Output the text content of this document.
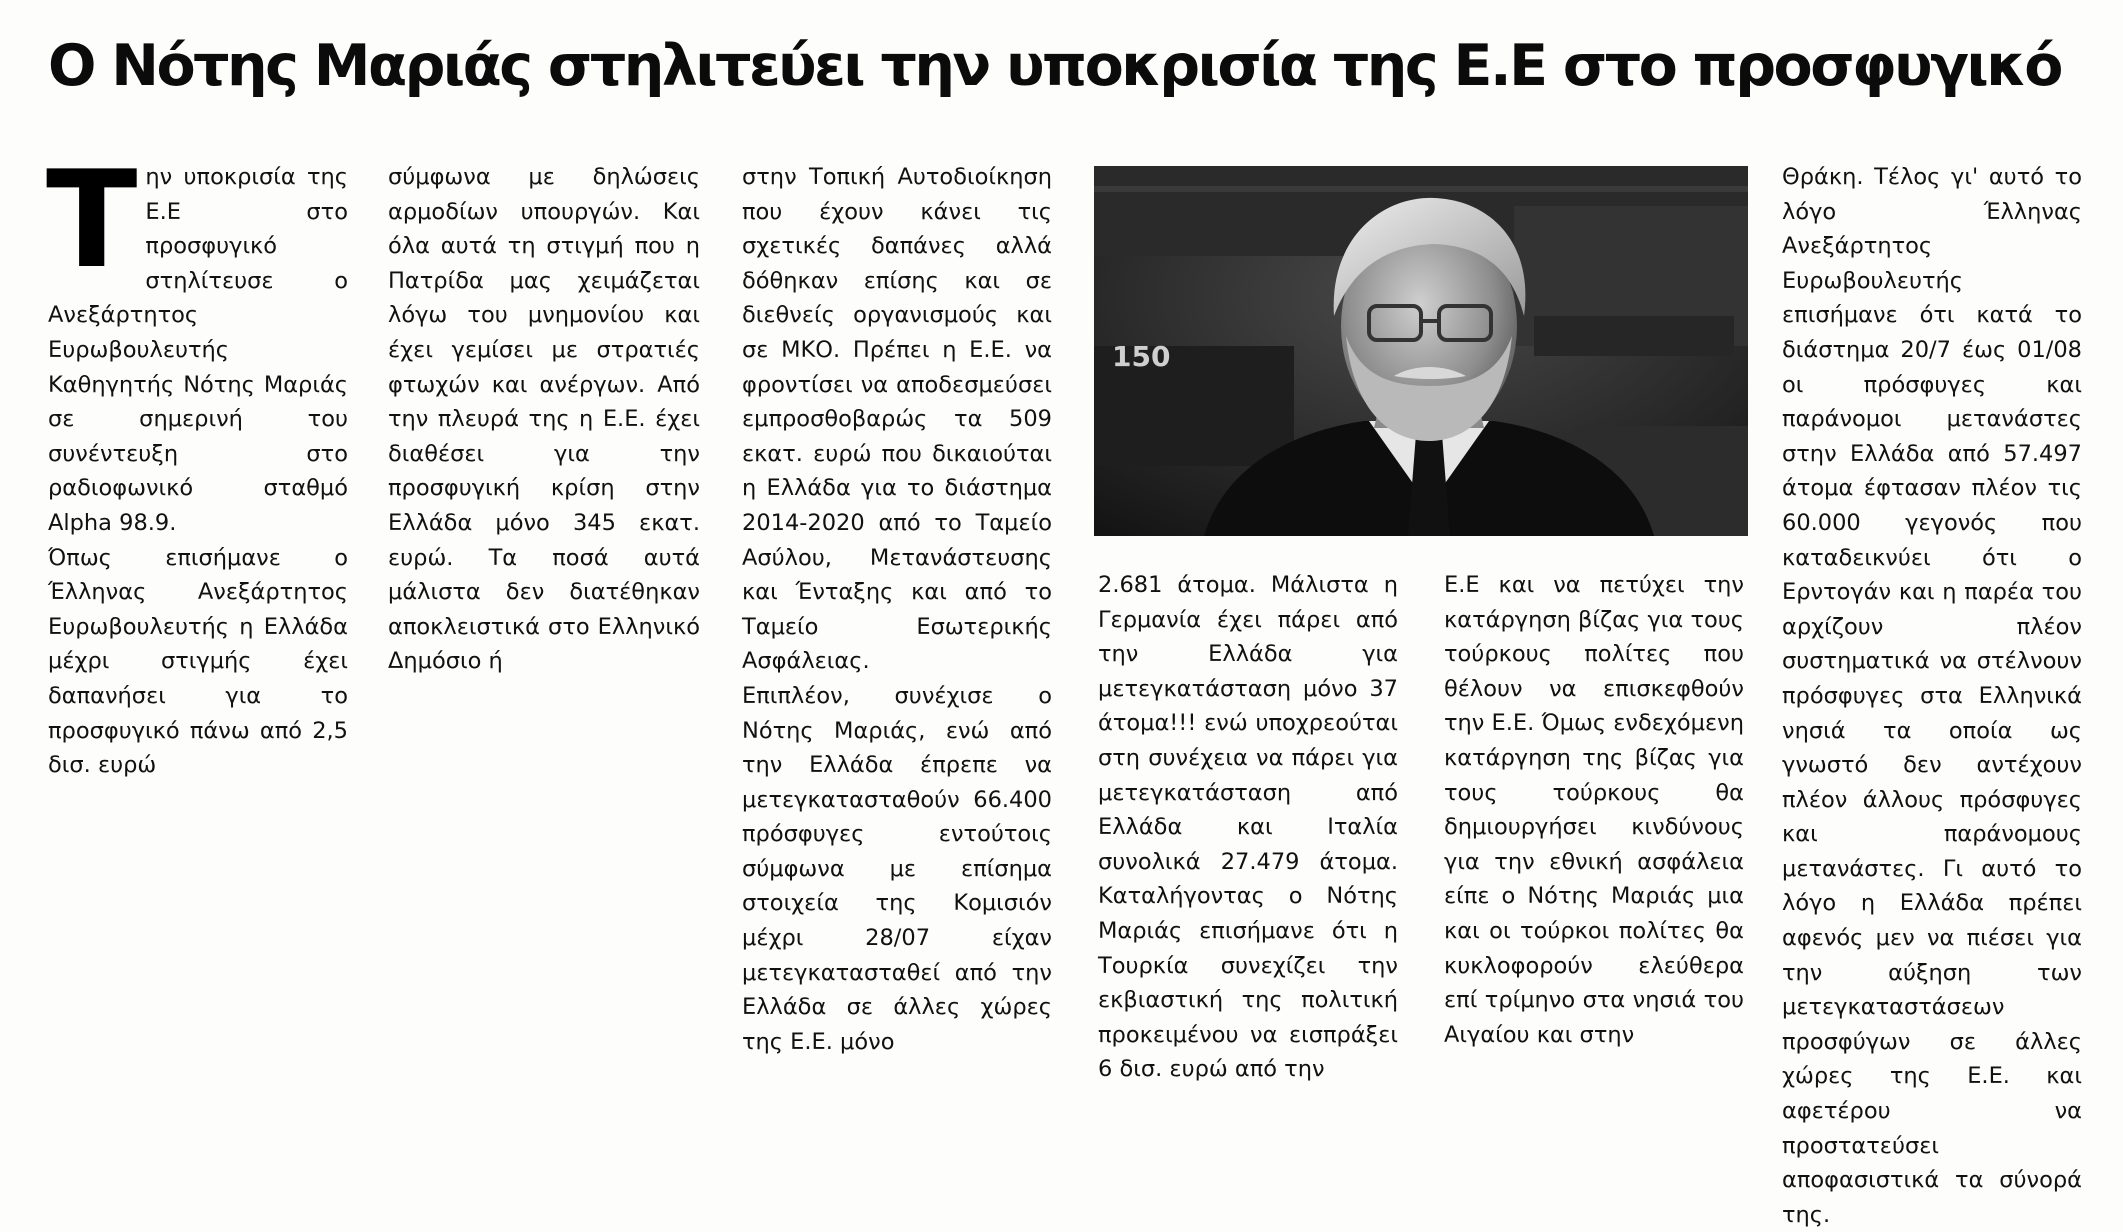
Ο Νότης Μαριάς στηλιτεύει την υποκρισία της Ε.Ε στο προσφυγικό

Την υποκρισία της Ε.Ε στο προσφυγικό στηλίτευσε ο Ανεξάρτητος Ευρωβουλευτής Καθηγητής Νότης Μαριάς σε σημερινή του συνέντευξη στο ραδιοφωνικό σταθμό Alpha 98.9.

Όπως επισήμανε ο Έλληνας Ανεξάρτητος Ευρωβουλευτής η Ελλάδα μέχρι στιγμής έχει δαπανήσει για το προσφυγικό πάνω από 2,5 δισ. ευρώ

σύμφωνα με δηλώσεις αρμοδίων υπουργών. Και όλα αυτά τη στιγμή που η Πατρίδα μας χειμάζεται λόγω του μνημονίου και έχει γεμίσει με στρατιές φτωχών και ανέργων. Από την πλευρά της η Ε.Ε. έχει διαθέσει για την προσφυγική κρίση στην Ελλάδα μόνο 345 εκατ. ευρώ. Τα ποσά αυτά μάλιστα δεν διατέθηκαν αποκλειστικά στο Ελληνικό Δημόσιο ή

στην Τοπική Αυτοδιοίκηση που έχουν κάνει τις σχετικές δαπάνες αλλά δόθηκαν επίσης και σε διεθνείς οργανισμούς και σε ΜΚΟ. Πρέπει η Ε.Ε. να φροντίσει να αποδεσμεύσει εμπροσθοβαρώς τα 509 εκατ. ευρώ που δικαιούται η Ελλάδα για το διάστημα 2014-2020 από το Ταμείο Ασύλου, Μετανάστευσης και Ένταξης και από το Ταμείο Εσωτερικής Ασφάλειας.

Επιπλέον, συνέχισε ο Νότης Μαριάς, ενώ από την Ελλάδα έπρεπε να μετεγκατασταθούν 66.400 πρόσφυγες εντούτοις σύμφωνα με επίσημα στοιχεία της Κομισιόν μέχρι 28/07 είχαν μετεγκατασταθεί από την Ελλάδα σε άλλες χώρες της Ε.Ε. μόνο

150

2.681 άτομα. Μάλιστα η Γερμανία έχει πάρει από την Ελλάδα για μετεγκατάσταση μόνο 37 άτομα!!! ενώ υποχρεούται στη συνέχεια να πάρει για μετεγκατάσταση από Ελλάδα και Ιταλία συνολικά 27.479 άτομα. Καταλήγοντας ο Νότης Μαριάς επισήμανε ότι η Τουρκία συνεχίζει την εκβιαστική της πολιτική προκειμένου να εισπράξει 6 δισ. ευρώ από την

Ε.Ε και να πετύχει την κατάργηση βίζας για τους τούρκους πολίτες που θέλουν να επισκεφθούν την Ε.Ε. Όμως ενδεχόμενη κατάργηση της βίζας για τους τούρκους θα δημιουργήσει κινδύνους για την εθνική ασφάλεια είπε ο Νότης Μαριάς μια και οι τούρκοι πολίτες θα κυκλοφορούν ελεύθερα επί τρίμηνο στα νησιά του Αιγαίου και στην

Θράκη. Τέλος γι' αυτό το λόγο Έλληνας Ανεξάρτητος Ευρωβουλευτής επισήμανε ότι κατά το διάστημα 20/7 έως 01/08 οι πρόσφυγες και παράνομοι μετανάστες στην Ελλάδα από 57.497 άτομα έφτασαν πλέον τις 60.000 γεγονός που καταδεικνύει ότι ο Ερντογάν και η παρέα του αρχίζουν πλέον συστηματικά να στέλνουν πρόσφυγες στα Ελληνικά νησιά τα οποία ως γνωστό δεν αντέχουν πλέον άλλους πρόσφυγες και παράνομους μετανάστες. Γι αυτό το λόγο η Ελλάδα πρέπει αφενός μεν να πιέσει για την αύξηση των μετεγκαταστάσεων προσφύγων σε άλλες χώρες της Ε.Ε. και αφετέρου να προστατεύσει αποφασιστικά τα σύνορά της.
